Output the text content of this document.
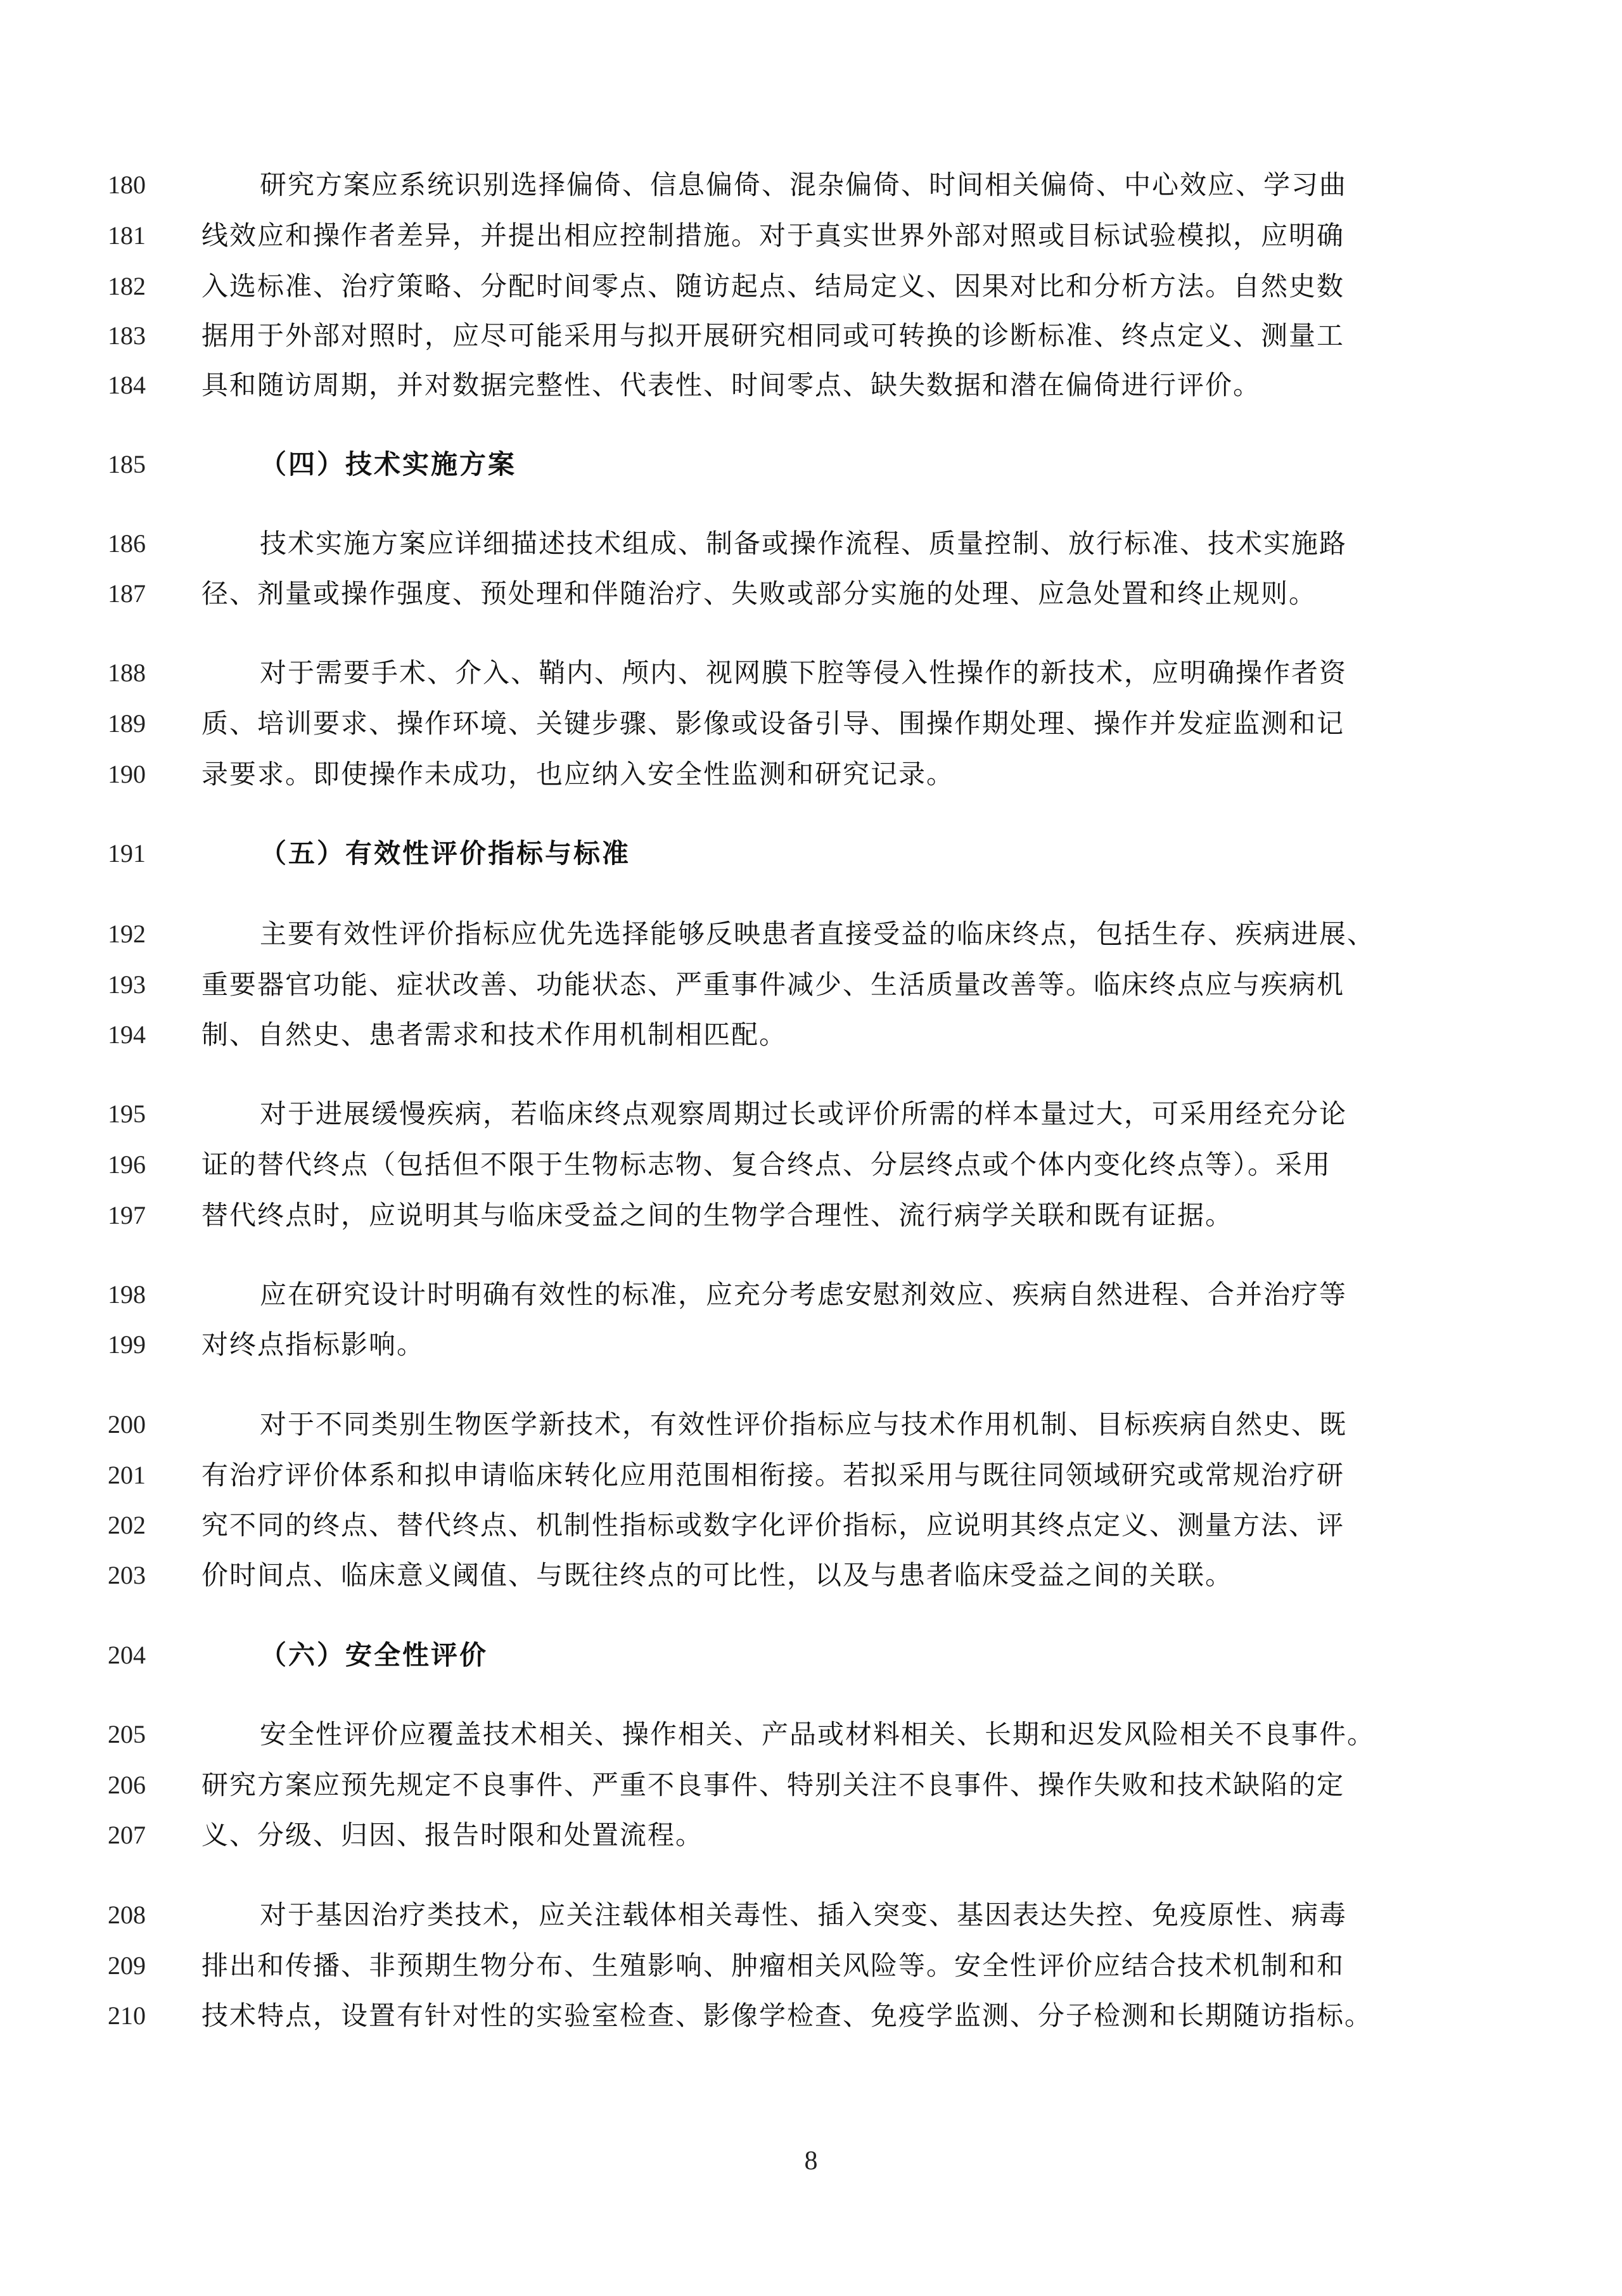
180	研究方案应系统识别选择偏倚、信息偏倚、混杂偏倚、时间相关偏倚、中心效应、学习曲
181	线效应和操作者差异，并提出相应控制措施。对于真实世界外部对照或目标试验模拟，应明确
182	入选标准、治疗策略、分配时间零点、随访起点、结局定义、因果对比和分析方法。自然史数
183	据用于外部对照时，应尽可能采用与拟开展研究相同或可转换的诊断标准、终点定义、测量工
184	具和随访周期，并对数据完整性、代表性、时间零点、缺失数据和潜在偏倚进行评价。
185	（四）技术实施方案
186	技术实施方案应详细描述技术组成、制备或操作流程、质量控制、放行标准、技术实施路
187	径、剂量或操作强度、预处理和伴随治疗、失败或部分实施的处理、应急处置和终止规则。
188	对于需要手术、介入、鞘内、颅内、视网膜下腔等侵入性操作的新技术，应明确操作者资
189	质、培训要求、操作环境、关键步骤、影像或设备引导、围操作期处理、操作并发症监测和记
190	录要求。即使操作未成功，也应纳入安全性监测和研究记录。
191	（五）有效性评价指标与标准
192	主要有效性评价指标应优先选择能够反映患者直接受益的临床终点，包括生存、疾病进展、
193	重要器官功能、症状改善、功能状态、严重事件减少、生活质量改善等。临床终点应与疾病机
194	制、自然史、患者需求和技术作用机制相匹配。
195	对于进展缓慢疾病，若临床终点观察周期过长或评价所需的样本量过大，可采用经充分论
196	证的替代终点（包括但不限于生物标志物、复合终点、分层终点或个体内变化终点等）。采用
197	替代终点时，应说明其与临床受益之间的生物学合理性、流行病学关联和既有证据。
198	应在研究设计时明确有效性的标准，应充分考虑安慰剂效应、疾病自然进程、合并治疗等
199	对终点指标影响。
200	对于不同类别生物医学新技术，有效性评价指标应与技术作用机制、目标疾病自然史、既
201	有治疗评价体系和拟申请临床转化应用范围相衔接。若拟采用与既往同领域研究或常规治疗研
202	究不同的终点、替代终点、机制性指标或数字化评价指标，应说明其终点定义、测量方法、评
203	价时间点、临床意义阈值、与既往终点的可比性，以及与患者临床受益之间的关联。
204	（六）安全性评价
205	安全性评价应覆盖技术相关、操作相关、产品或材料相关、长期和迟发风险相关不良事件。
206	研究方案应预先规定不良事件、严重不良事件、特别关注不良事件、操作失败和技术缺陷的定
207	义、分级、归因、报告时限和处置流程。
208	对于基因治疗类技术，应关注载体相关毒性、插入突变、基因表达失控、免疫原性、病毒
209	排出和传播、非预期生物分布、生殖影响、肿瘤相关风险等。安全性评价应结合技术机制和和
210	技术特点，设置有针对性的实验室检查、影像学检查、免疫学监测、分子检测和长期随访指标。
8
